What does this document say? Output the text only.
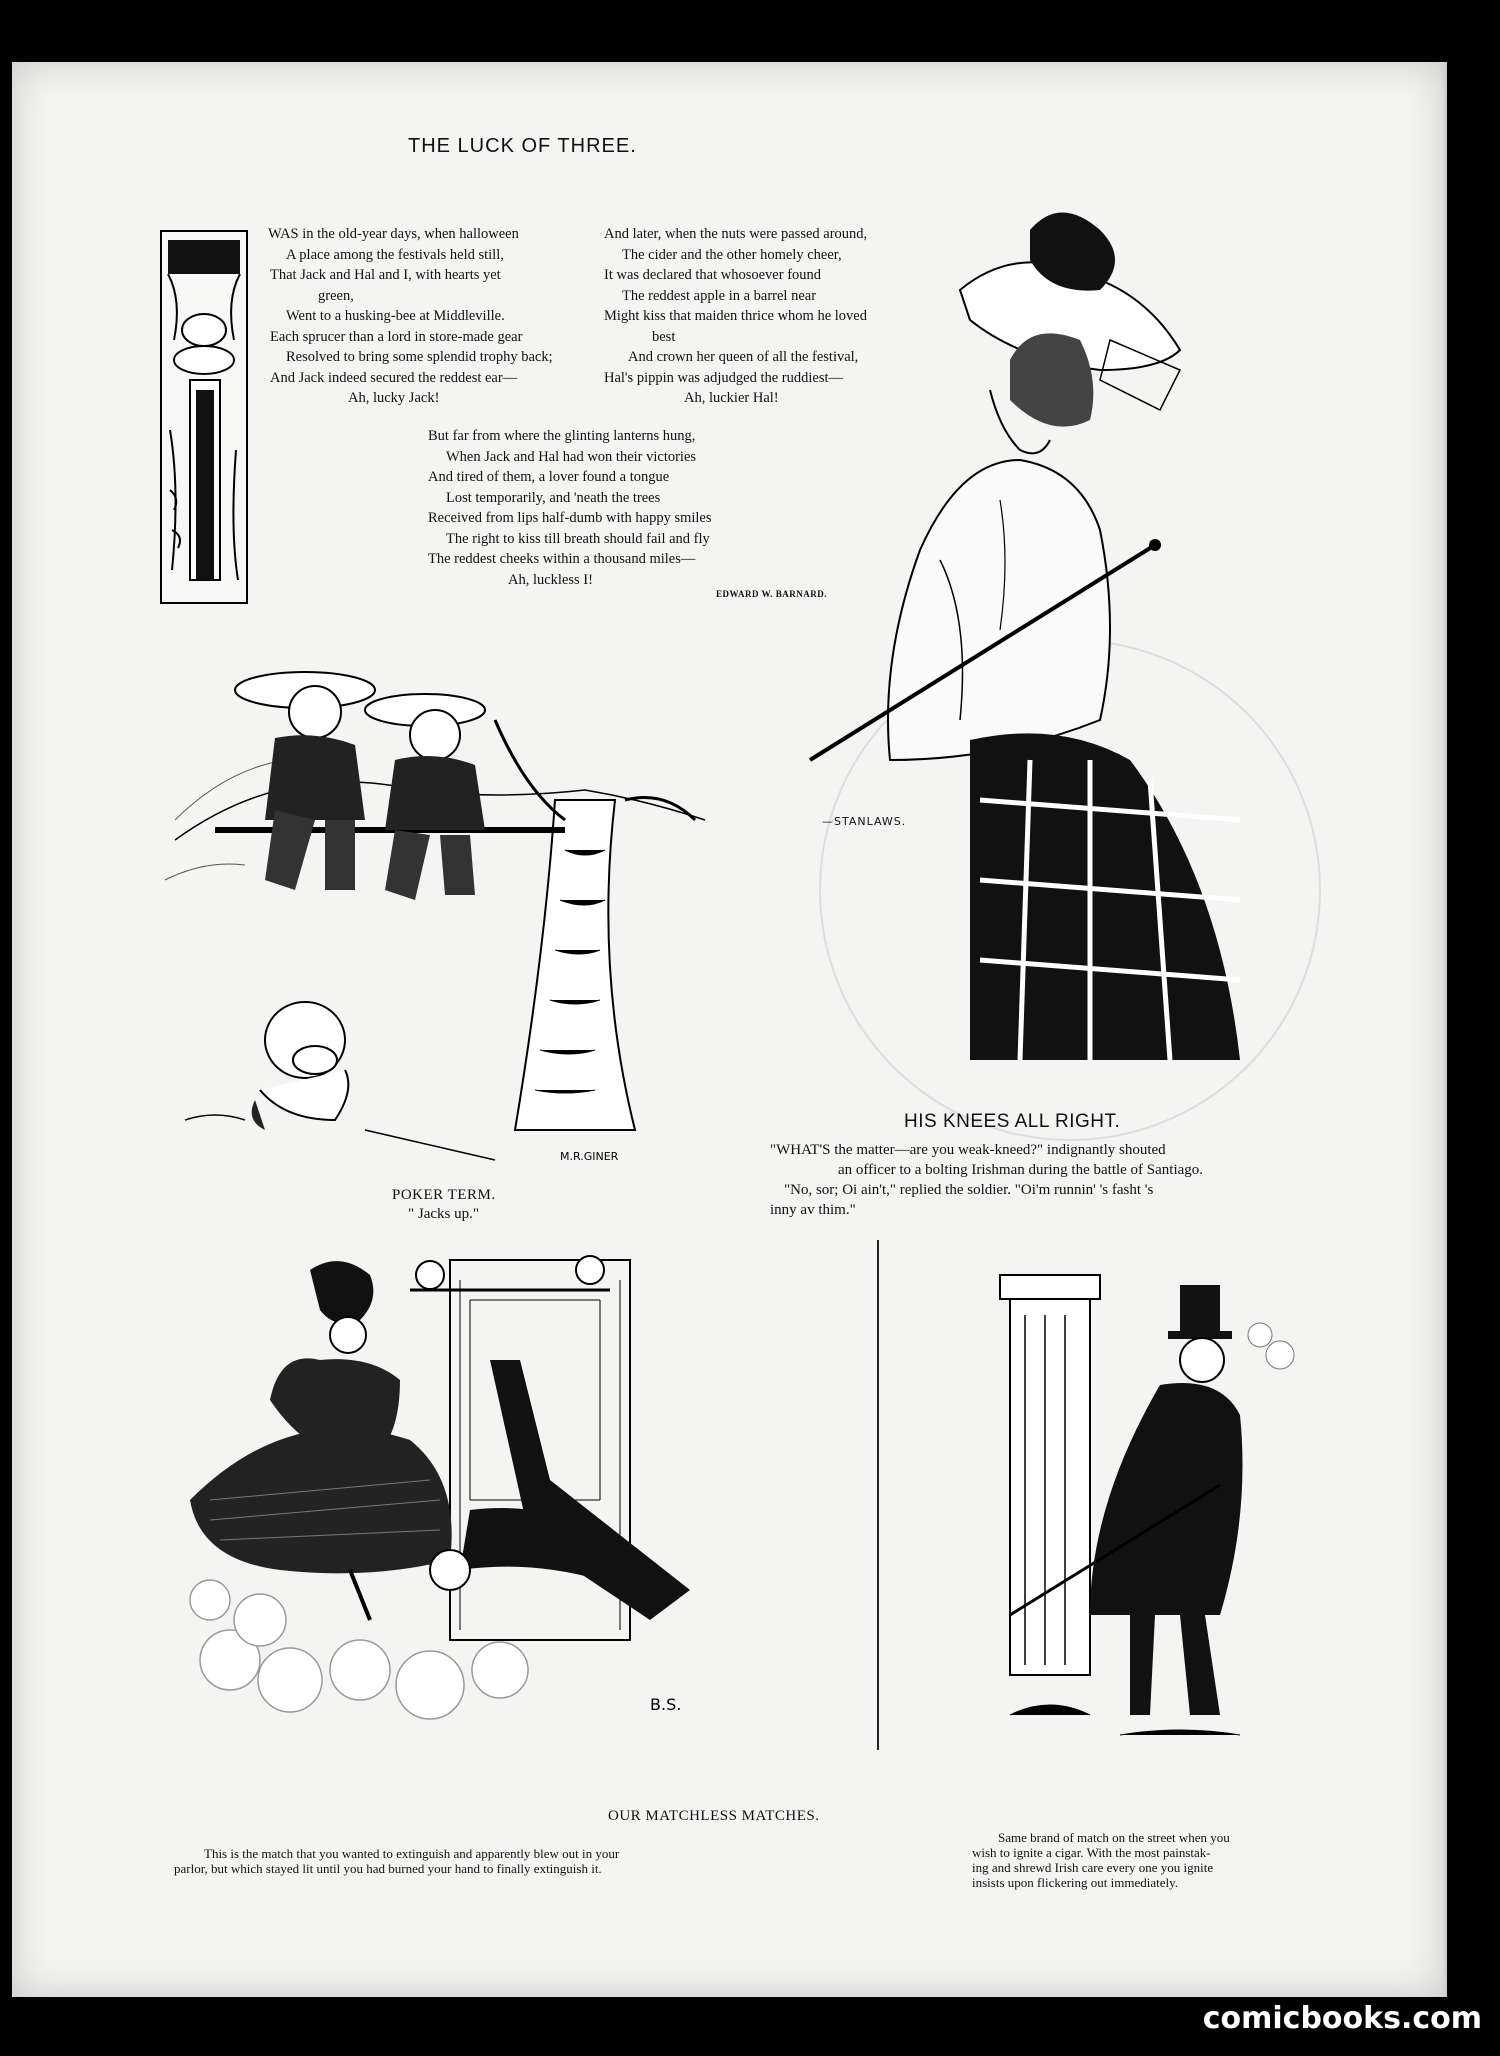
THE LUCK OF THREE.
WAS in the old-year days, when halloween
A place among the festivals held still,
That Jack and Hal and I, with hearts yet
green,
Went to a husking-bee at Middleville.
Each sprucer than a lord in store-made gear
Resolved to bring some splendid trophy back;
And Jack indeed secured the reddest ear—
Ah, lucky Jack!
And later, when the nuts were passed around,
The cider and the other homely cheer,
It was declared that whosoever found
The reddest apple in a barrel near
Might kiss that maiden thrice whom he loved
best
And crown her queen of all the festival,
Hal's pippin was adjudged the ruddiest—
Ah, luckier Hal!
But far from where the glinting lanterns hung,
When Jack and Hal had won their victories
And tired of them, a lover found a tongue
Lost temporarily, and 'neath the trees
Received from lips half-dumb with happy smiles
The right to kiss till breath should fail and fly
The reddest cheeks within a thousand miles—
Ah, luckless I!
EDWARD W. BARNARD.
—STANLAWS.
M.R.GINER
POKER TERM.
" Jacks up."
HIS KNEES ALL RIGHT.
"WHAT'S the matter—are you weak-kneed?" indignantly shouted
an officer to a bolting Irishman during the battle of Santiago.
"No, sor; Oi ain't," replied the soldier. "Oi'm runnin' 's fasht 's
inny av thim."
B.S.
OUR MATCHLESS MATCHES.
This is the match that you wanted to extinguish and apparently blew out in your
parlor, but which stayed lit until you had burned your hand to finally extinguish it.
Same brand of match on the street when you
wish to ignite a cigar. With the most painstak-
ing and shrewd Irish care every one you ignite
insists upon flickering out immediately.
comicbooks.com
